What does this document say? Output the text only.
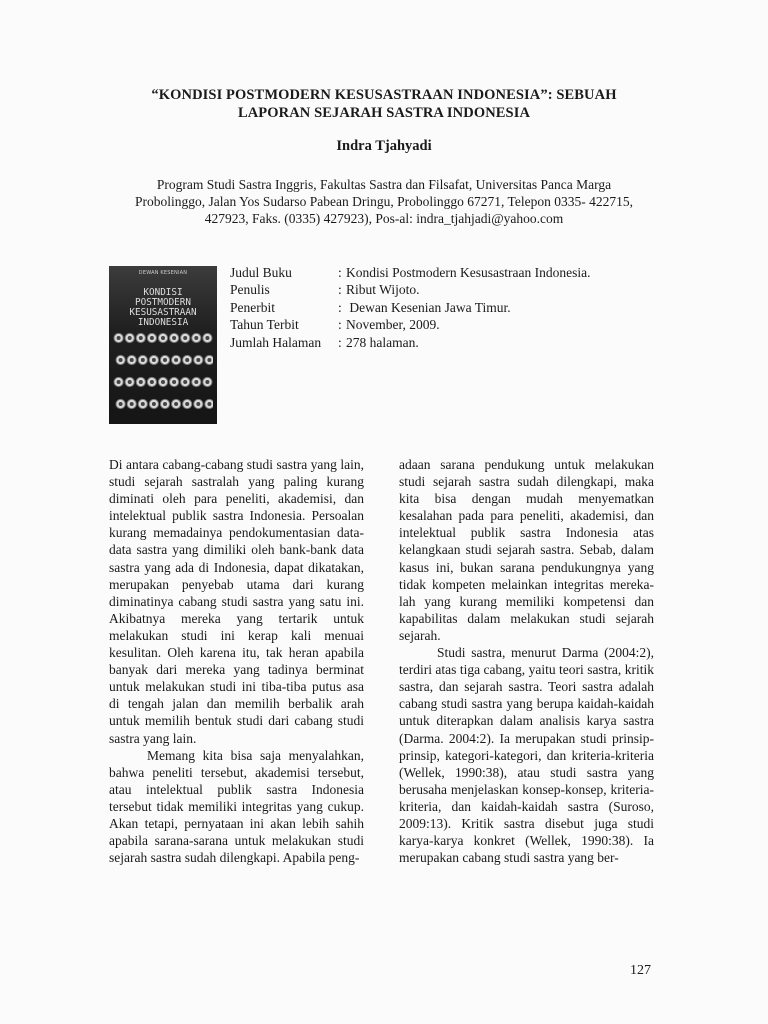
“KONDISI POSTMODERN KESUSASTRAAN INDONESIA”: SEBUAH
LAPORAN SEJARAH SASTRA INDONESIA
Indra Tjahyadi
Program Studi Sastra Inggris, Fakultas Sastra dan Filsafat, Universitas Panca Marga
Probolinggo, Jalan Yos Sudarso Pabean Dringu, Probolinggo 67271, Telepon 0335- 422715,
427923, Faks. (0335) 427923), Pos-al: indra_tjahjadi@yahoo.com
DEWAN KESENIAN
KONDISI
POSTMODERN
KESUSASTRAAN
INDONESIA
Judul Buku	: Kondisi Postmodern Kesusastraan Indonesia.
Penulis	: Ribut Wijoto.
Penerbit	: Dewan Kesenian Jawa Timur.
Tahun Terbit	: November, 2009.
Jumlah Halaman	: 278 halaman.

Di antara cabang-cabang studi sastra yang lain, studi sejarah sastralah yang paling kurang diminati oleh para peneliti, akademisi, dan intelektual publik sastra Indonesia. Persoalan kurang memadainya pendokumentasian data-data sastra yang dimiliki oleh bank-bank data sastra yang ada di Indonesia, dapat dikatakan, merupakan penyebab utama dari kurang diminatinya cabang studi sastra yang satu ini. Akibatnya mereka yang tertarik untuk melakukan studi ini kerap kali menuai kesulitan. Oleh karena itu, tak heran apabila banyak dari mereka yang tadinya berminat untuk melakukan studi ini tiba-tiba putus asa di tengah jalan dan memilih berbalik arah untuk memilih bentuk studi dari cabang studi sastra yang lain.

Memang kita bisa saja menyalahkan, bahwa peneliti tersebut, akademisi tersebut, atau intelektual publik sastra Indonesia tersebut tidak memiliki integritas yang cukup. Akan tetapi, pernyataan ini akan lebih sahih apabila sarana-sarana untuk melakukan studi sejarah sastra sudah dilengkapi. Apabila peng-

adaan sarana pendukung untuk melakukan studi sejarah sastra sudah dilengkapi, maka kita bisa dengan mudah menyematkan kesalahan pada para peneliti, akademisi, dan intelektual publik sastra Indonesia atas kelangkaan studi sejarah sastra. Sebab, dalam kasus ini, bukan sarana pendukungnya yang tidak kompeten melainkan integritas mereka-lah yang kurang memiliki kompetensi dan kapabilitas dalam melakukan studi sejarah sejarah.

Studi sastra, menurut Darma (2004:2), terdiri atas tiga cabang, yaitu teori sastra, kritik sastra, dan sejarah sastra. Teori sastra adalah cabang studi sastra yang berupa kaidah-kaidah untuk diterapkan dalam analisis karya sastra (Darma. 2004:2). Ia merupakan studi prinsip-prinsip, kategori-kategori, dan kriteria-kriteria (Wellek, 1990:38), atau studi sastra yang berusaha menjelaskan konsep-konsep, kriteria-kriteria, dan kaidah-kaidah sastra (Suroso, 2009:13). Kritik sastra disebut juga studi karya-karya konkret (Wellek, 1990:38). Ia merupakan cabang studi sastra yang ber-

127
